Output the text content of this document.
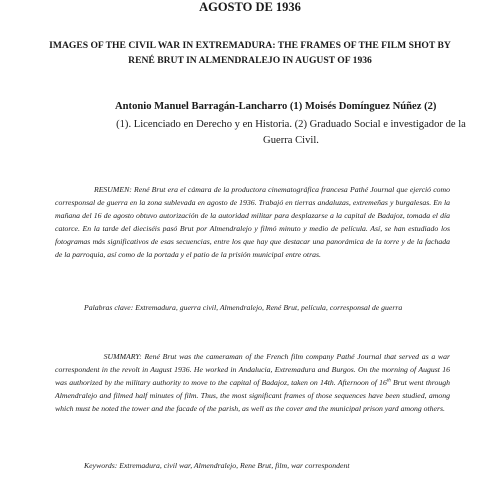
AGOSTO DE 1936
IMAGES OF THE CIVIL WAR IN EXTREMADURA: THE FRAMES OF THE FILM SHOT BY RENÉ BRUT IN ALMENDRALEJO IN AUGUST OF 1936

Antonio Manuel Barragán-Lancharro (1) Moisés Domínguez Núñez (2)

(1). Licenciado en Derecho y en Historia. (2) Graduado Social e investigador de la Guerra Civil.

RESUMEN: René Brut era el cámara de la productora cinematográfica francesa Pathé Journal que ejerció como corresponsal de guerra en la zona sublevada en agosto de 1936. Trabajó en tierras andaluzas, extremeñas y burgalesas. En la mañana del 16 de agosto obtuvo autorización de la autoridad militar para desplazarse a la capital de Badajoz, tomada el día catorce. En la tarde del dieciséis pasó Brut por Almendralejo y filmó minuto y medio de película. Así, se han estudiado los fotogramas más significativos de esas secuencias, entre los que hay que destacar una panorámica de la torre y de la fachada de la parroquia, así como de la portada y el patio de la prisión municipal entre otras.

Palabras clave: Extremadura, guerra civil, Almendralejo, René Brut, película, corresponsal de guerra

SUMMARY: René Brut was the cameraman of the French film company Pathé Journal that served as a war correspondent in the revolt in August 1936. He worked in Andalucia, Extremadura and Burgos. On the morning of August 16 was authorized by the military authority to move to the capital of Badajoz, taken on 14th. Afternoon of 16th Brut went through Almendralejo and filmed half minutes of film. Thus, the most significant frames of those sequences have been studied, among which must be noted the tower and the facade of the parish, as well as the cover and the municipal prison yard among others.

Keywords: Extremadura, civil war, Almendralejo, Rene Brut, film, war correspondent
